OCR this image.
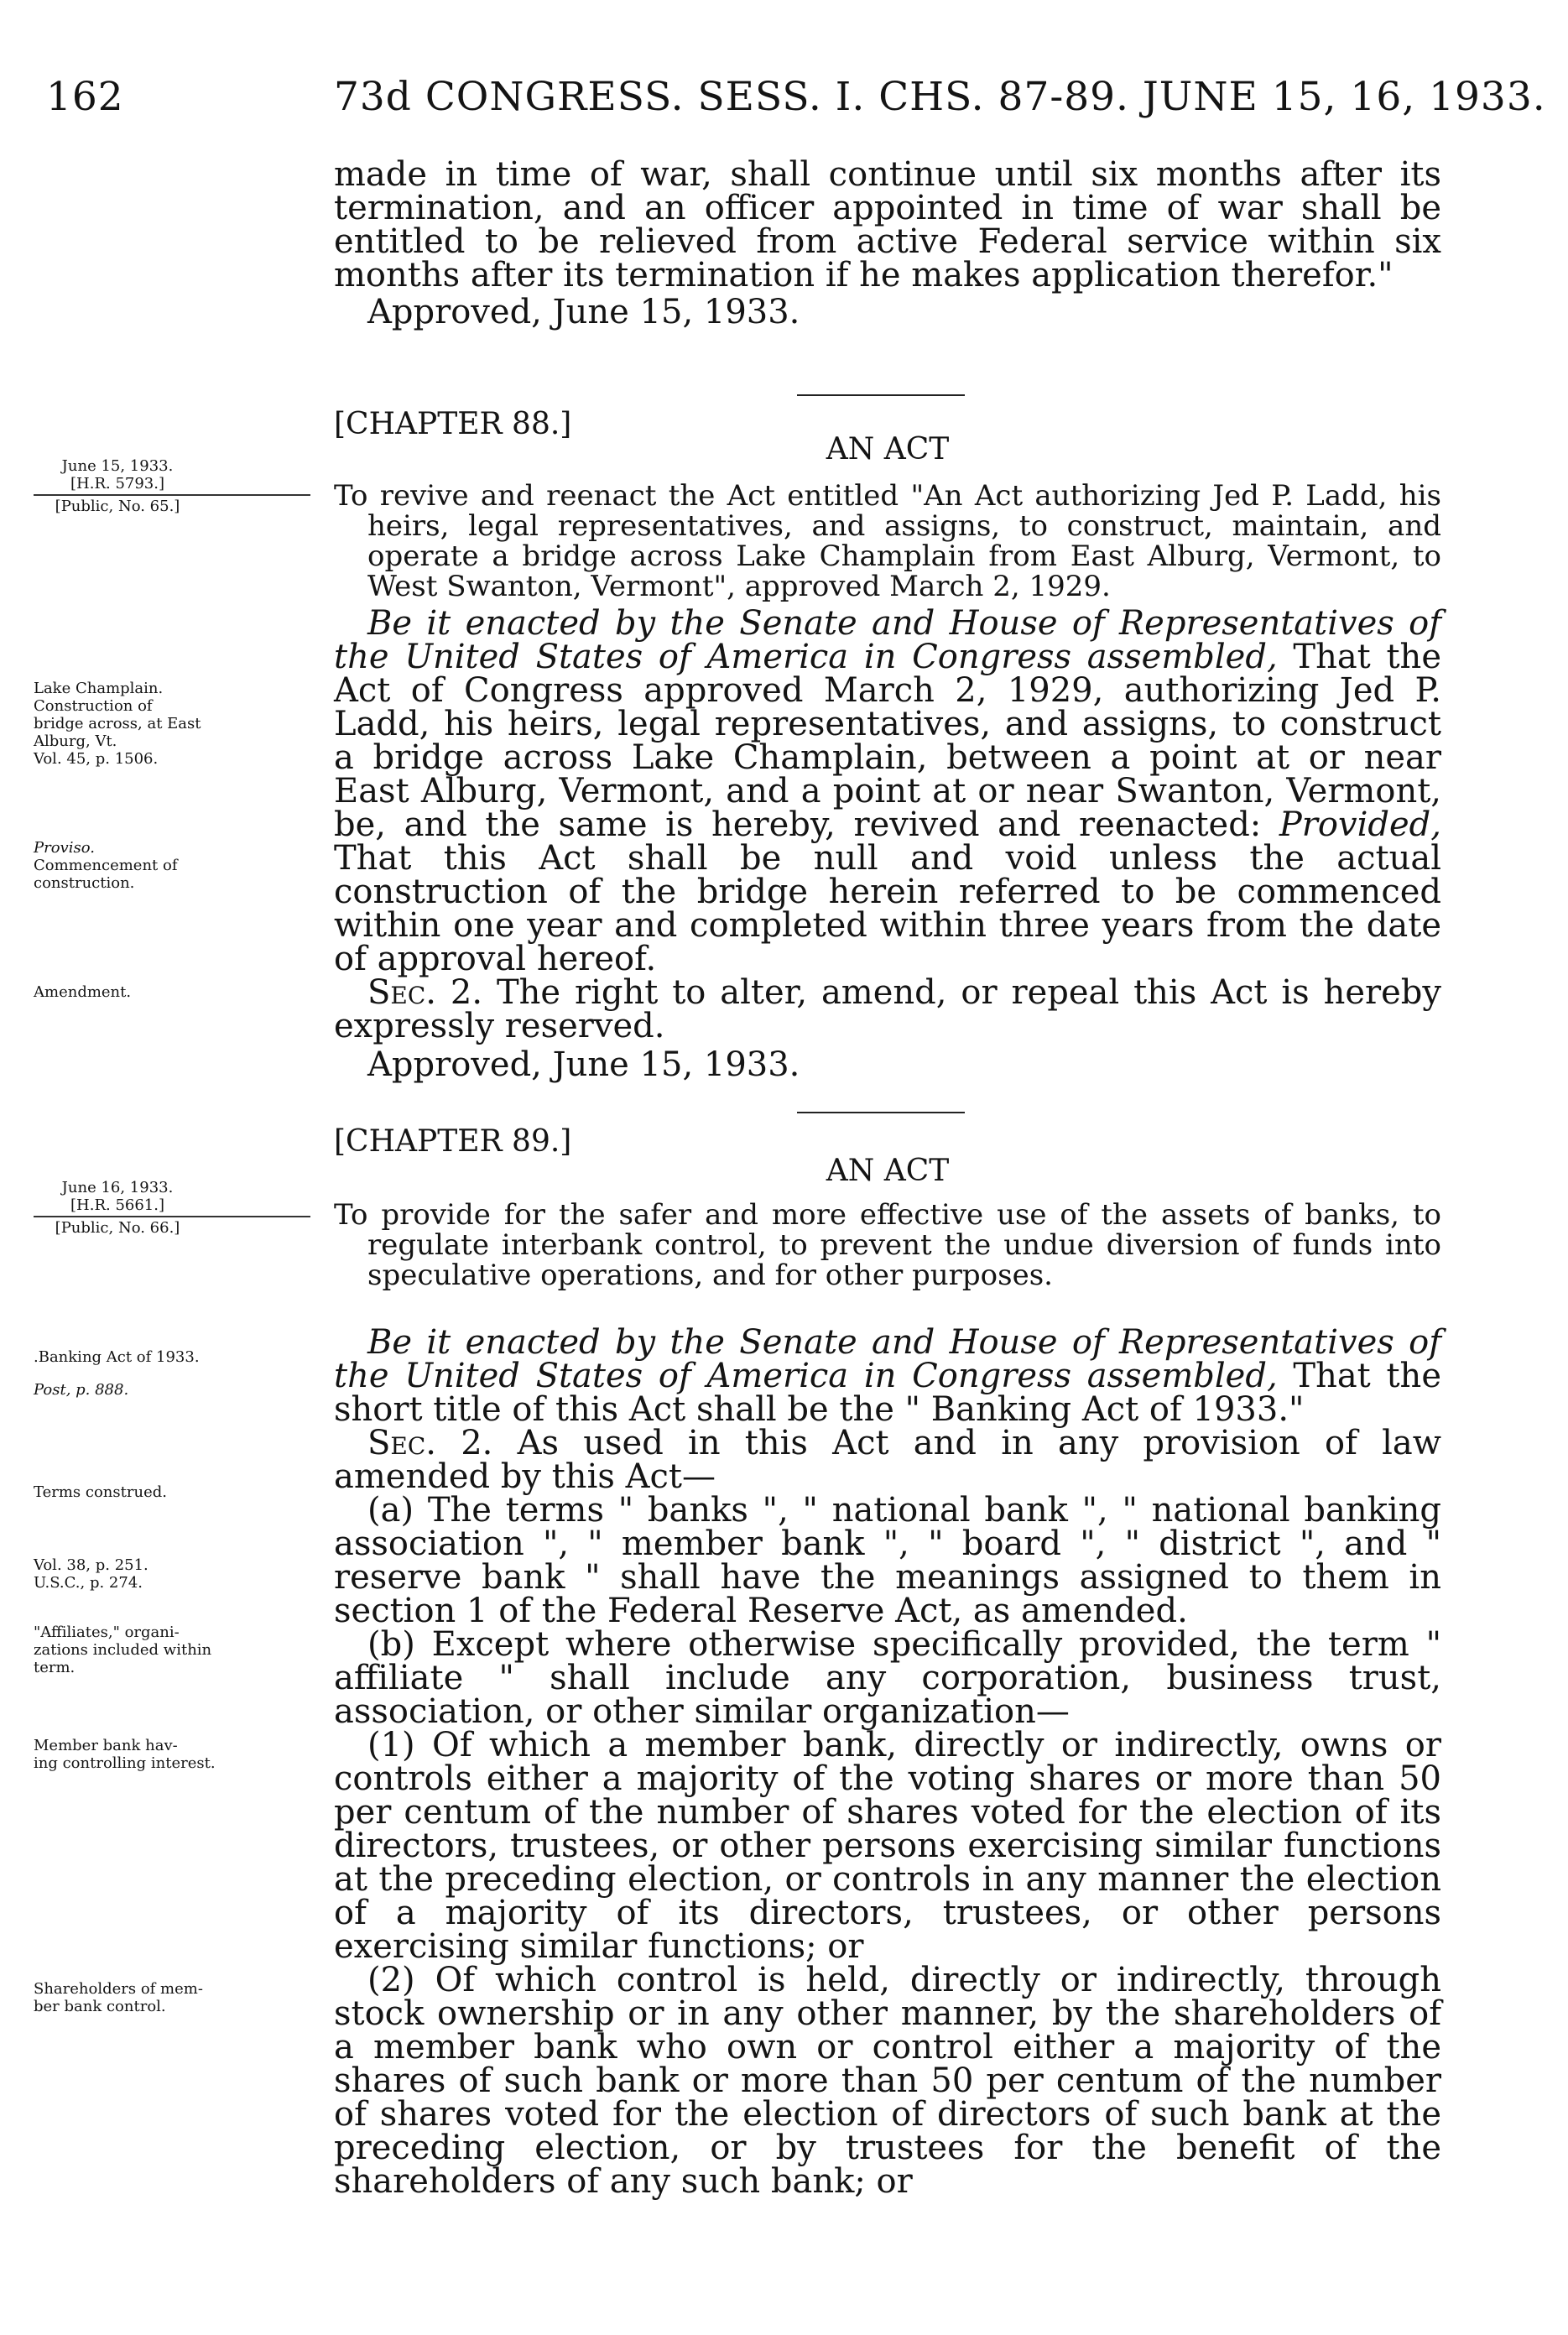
162	73d CONGRESS. SESS. I. CHS. 87-89. JUNE 15, 16, 1933.

made in time of war, shall continue until six months after its termination, and an officer appointed in time of war shall be entitled to be relieved from active Federal service within six months after its termination if he makes application therefor."

Approved, June 15, 1933.

[CHAPTER 88.]
AN ACT
June 15, 1933.
[H.R. 5793.]
[Public, No. 65.]	To revive and reenact the Act entitled "An Act authorizing Jed P. Ladd, his heirs, legal representatives, and assigns, to construct, maintain, and operate a bridge across Lake Champlain from East Alburg, Vermont, to West Swanton, Vermont", approved March 2, 1929.

Lake Champlain.
Construction of
bridge across, at East
Alburg, Vt.
Vol. 45, p. 1506.
Proviso.
Commencement of
construction.
Amendment.

Be it enacted by the Senate and House of Representatives of the United States of America in Congress assembled, That the Act of Congress approved March 2, 1929, authorizing Jed P. Ladd, his heirs, legal representatives, and assigns, to construct a bridge across Lake Champlain, between a point at or near East Alburg, Vermont, and a point at or near Swanton, Vermont, be, and the same is hereby, revived and reenacted: Provided, That this Act shall be null and void unless the actual construction of the bridge herein referred to be commenced within one year and completed within three years from the date of approval hereof.

Sec. 2. The right to alter, amend, or repeal this Act is hereby expressly reserved.

Approved, June 15, 1933.

[CHAPTER 89.]
AN ACT
June 16, 1933.
[H.R. 5661.]
[Public, No. 66.]	To provide for the safer and more effective use of the assets of banks, to regulate interbank control, to prevent the undue diversion of funds into speculative operations, and for other purposes.

.Banking Act of 1933.
Post, p. 888.
Terms construed.
Vol. 38, p. 251.
U.S.C., p. 274.
"Affiliates," organi-
zations included within
term.
Member bank hav-
ing controlling interest.
Shareholders of mem-
ber bank control.

Be it enacted by the Senate and House of Representatives of the United States of America in Congress assembled, That the short title of this Act shall be the " Banking Act of 1933."

Sec. 2. As used in this Act and in any provision of law amended by this Act—

(a) The terms " banks ", " national bank ", " national banking association ", " member bank ", " board ", " district ", and " reserve bank " shall have the meanings assigned to them in section 1 of the Federal Reserve Act, as amended.

(b) Except where otherwise specifically provided, the term " affiliate " shall include any corporation, business trust, association, or other similar organization—

(1) Of which a member bank, directly or indirectly, owns or controls either a majority of the voting shares or more than 50 per centum of the number of shares voted for the election of its directors, trustees, or other persons exercising similar functions at the preceding election, or controls in any manner the election of a majority of its directors, trustees, or other persons exercising similar functions; or

(2) Of which control is held, directly or indirectly, through stock ownership or in any other manner, by the shareholders of a member bank who own or control either a majority of the shares of such bank or more than 50 per centum of the number of shares voted for the election of directors of such bank at the preceding election, or by trustees for the benefit of the shareholders of any such bank; or
